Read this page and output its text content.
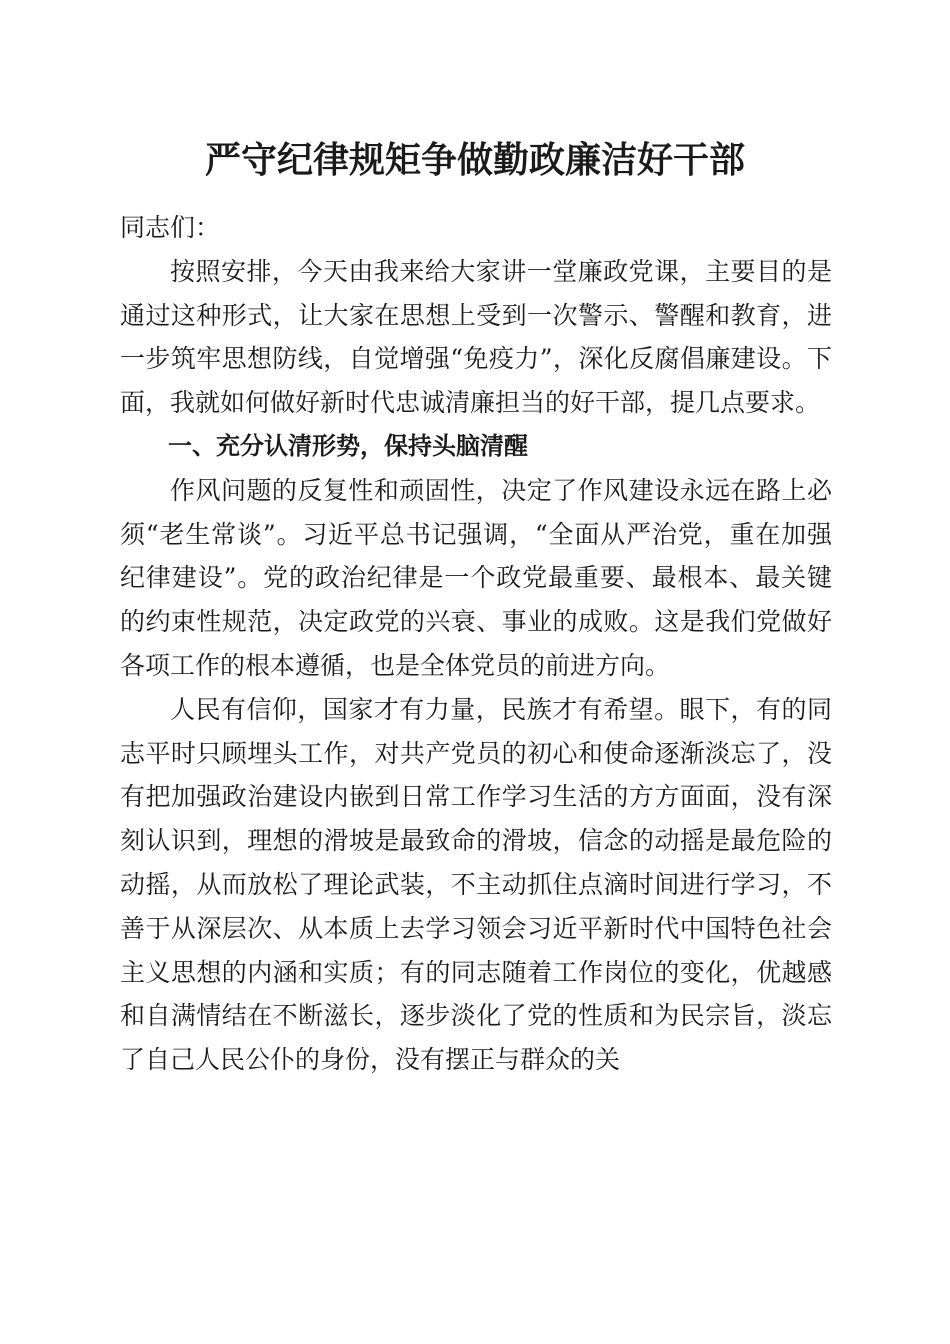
严守纪律规矩争做勤政廉洁好干部

同志们：

按照安排，今天由我来给大家讲一堂廉政党课，主要目的是通过这种形式，让大家在思想上受到一次警示、警醒和教育，进一步筑牢思想防线，自觉增强“免疫力”，深化反腐倡廉建设。下面，我就如何做好新时代忠诚清廉担当的好干部，提几点要求。

一、充分认清形势，保持头脑清醒

作风问题的反复性和顽固性，决定了作风建设永远在路上必须“老生常谈”。习近平总书记强调，“全面从严治党，重在加强纪律建设”。党的政治纪律是一个政党最重要、最根本、最关键的约束性规范，决定政党的兴衰、事业的成败。这是我们党做好各项工作的根本遵循，也是全体党员的前进方向。

人民有信仰，国家才有力量，民族才有希望。眼下，有的同志平时只顾埋头工作，对共产党员的初心和使命逐渐淡忘了，没有把加强政治建设内嵌到日常工作学习生活的方方面面，没有深刻认识到，理想的滑坡是最致命的滑坡，信念的动摇是最危险的动摇，从而放松了理论武装，不主动抓住点滴时间进行学习，不善于从深层次、从本质上去学习领会习近平新时代中国特色社会主义思想的内涵和实质；有的同志随着工作岗位的变化，优越感和自满情结在不断滋长，逐步淡化了党的性质和为民宗旨，淡忘了自己人民公仆的身份，没有摆正与群众的关
